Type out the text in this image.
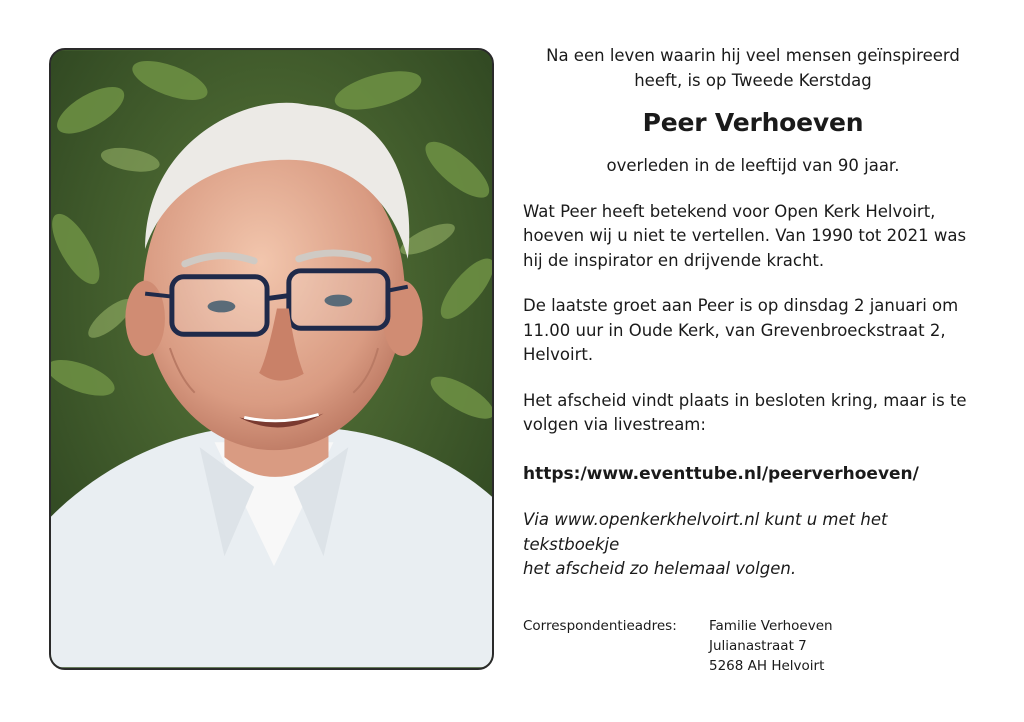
Na een leven waarin hij veel mensen geïnspireerd
heeft, is op Tweede Kerstdag
Peer Verhoeven
overleden in de leeftijd van 90 jaar.
Wat Peer heeft betekend voor Open Kerk Helvoirt,
hoeven wij u niet te vertellen. Van 1990 tot 2021 was
hij de inspirator en drijvende kracht.
De laatste groet aan Peer is op dinsdag 2 januari om
11.00 uur in Oude Kerk, van Grevenbroeckstraat 2,
Helvoirt.
Het afscheid vindt plaats in besloten kring, maar is te
volgen via livestream:
https:/www.eventtube.nl/peerverhoeven/
Via www.openkerkhelvoirt.nl kunt u met het tekstboekje
het afscheid zo helemaal volgen.
Correspondentieadres:	Familie Verhoeven
Julianastraat 7
5268 AH Helvoirt
